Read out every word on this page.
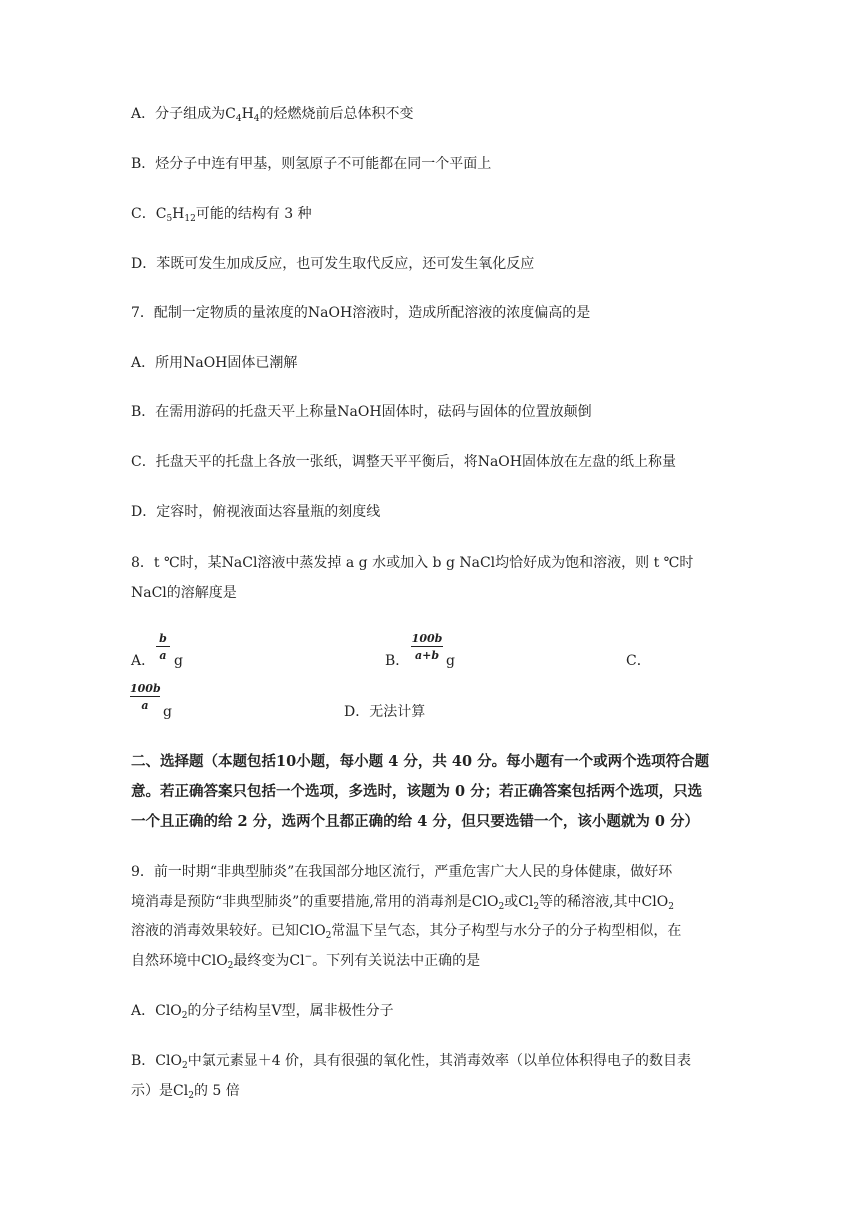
A．分子组成为$C_4H_4$的烃燃烧前后总体积不变
B．烃分子中连有甲基，则氢原子不可能都在同一个平面上
C．$C_5H_{12}$可能的结构有 3 种
D．苯既可发生加成反应，也可发生取代反应，还可发生氧化反应
7．配制一定物质的量浓度的NaOH溶液时，造成所配溶液的浓度偏高的是
A．所用NaOH固体已潮解
B．在需用游码的托盘天平上称量NaOH固体时，砝码与固体的位置放颠倒
C．托盘天平的托盘上各放一张纸，调整天平平衡后，将NaOH固体放在左盘的纸上称量
D．定容时，俯视液面达容量瓶的刻度线
8．t ℃时，某NaCl溶液中蒸发掉 a g 水或加入 b g NaCl均恰好成为饱和溶液，则 t ℃时
NaCl的溶解度是
A．
b
a g	B．
100b
a+b g	C．
100b
a	g	D．无法计算
二、选择题（本题包括10小题，每小题 4 分，共 40 分。每小题有一个或两个选项符合题
意。若正确答案只包括一个选项，多选时，该题为 0 分；若正确答案包括两个选项，只选
一个且正确的给 2 分，选两个且都正确的给 4 分，但只要选错一个，该小题就为 0 分）
9．前一时期“非典型肺炎”在我国部分地区流行，严重危害广大人民的身体健康，做好环
境消毒是预防“非典型肺炎”的重要措施,常用的消毒剂是ClO$_2$或$Cl_2$等的稀溶液,其中ClO$_2$
溶液的消毒效果较好。已知ClO$_2$常温下呈气态，其分子构型与水分子的分子构型相似，在
自然环境中ClO$_2$最终变为Cl−。下列有关说法中正确的是
A．ClO$_2$的分子结构呈V型，属非极性分子
B．ClO$_2$中氯元素显＋4 价，具有很强的氧化性，其消毒效率（以单位体积得电子的数目表
示）是$Cl_2$的 5 倍
